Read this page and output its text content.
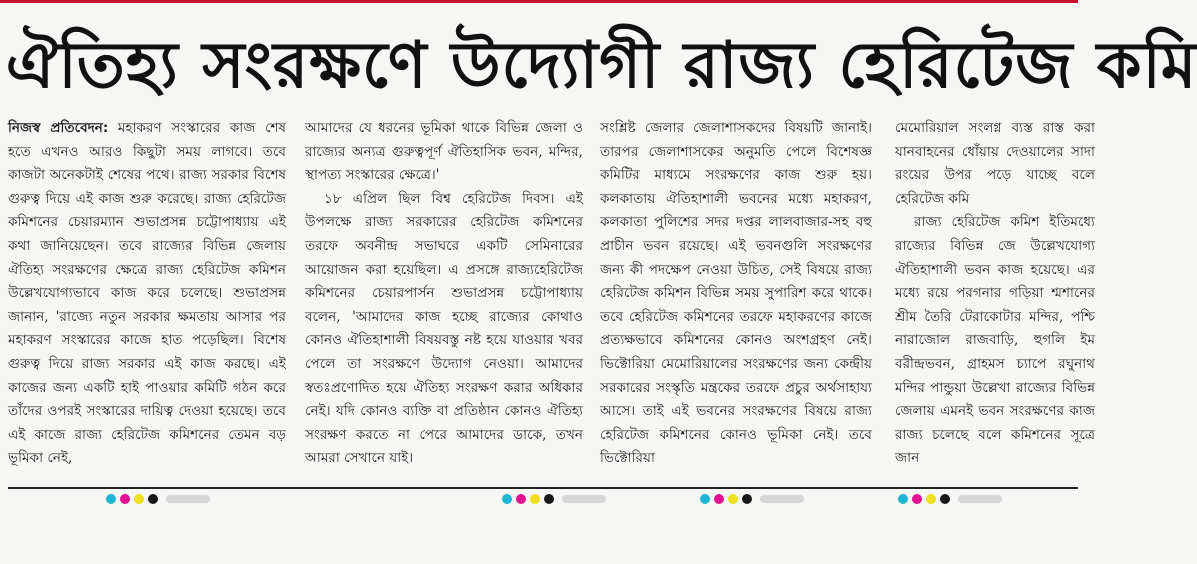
ঐতিহ্য সংরক্ষণে উদ্যোগী রাজ্য হেরিটেজ কমি

নিজস্ব প্রতিবেদন: মহাকরণ সংস্কারের কাজ শেষ হতে এখনও আরও কিছুটা সময় লাগবে। তবে কাজটা অনেকটাই শেষের পথে। রাজ্য সরকার বিশেষ গুরুত্ব দিয়ে এই কাজ শুরু করেছে। রাজ্য হেরিটেজ কমিশনের চেয়ারম্যান শুভাপ্রসন্ন চট্টোপাধ্যায় এই কথা জানিয়েছেন। তবে রাজ্যের বিভিন্ন জেলায় ঐতিহ্য সংরক্ষণের ক্ষেত্রে রাজ্য হেরিটেজ কমিশন উল্লেখযোগ্যভাবে কাজ করে চলেছে। শুভাপ্রসন্ন জানান, 'রাজ্যে নতুন সরকার ক্ষমতায় আসার পর মহাকরণ সংস্কারের কাজে হাত পড়েছিল। বিশেষ গুরুত্ব দিয়ে রাজ্য সরকার এই কাজ করছে। এই কাজের জন্য একটি হাই পাওয়ার কমিটি গঠন করে তাঁদের ওপরই সংস্কারের দায়িত্ব দেওয়া হয়েছে। তবে এই কাজে রাজ্য হেরিটেজ কমিশনের তেমন বড় ভূমিকা নেই,

আমাদের যে ধরনের ভূমিকা থাকে বিভিন্ন জেলা ও রাজ্যের অন্যত্র গুরুত্বপূর্ণ ঐতিহাসিক ভবন, মন্দির, স্থাপত্য সংস্কারের ক্ষেত্রে।'

১৮ এপ্রিল ছিল বিশ্ব হেরিটেজ দিবস। এই উপলক্ষে রাজ্য সরকারের হেরিটেজ কমিশনের তরফে অবনীন্দ্র সভাঘরে একটি সেমিনারের আয়োজন করা হয়েছিল। এ প্রসঙ্গে রাজ্যহেরিটেজ কমিশনের চেয়ারপার্সন শুভাপ্রসন্ন চট্টোপাধ্যায় বলেন, 'আমাদের কাজ হচ্ছে রাজ্যের কোথাও কোনও ঐতিহাশালী বিষয়বস্তু নষ্ট হয়ে যাওয়ার খবর পেলে তা সংরক্ষণে উদ্যোগ নেওয়া। আমাদের স্বতঃপ্রণোদিত হয়ে ঐতিহ্য সংরক্ষণ করার অধিকার নেই। যদি কোনও ব্যক্তি বা প্রতিষ্ঠান কোনও ঐতিহ্য সংরক্ষণ করতে না পেরে আমাদের ডাকে, তখন আমরা সেখানে যাই।

সংশ্লিষ্ট জেলার জেলাশাসকদের বিষয়টি জানাই। তারপর জেলাশাসকের অনুমতি পেলে বিশেষজ্ঞ কমিটির মাধ্যমে সংরক্ষণের কাজ শুরু হয়। কলকাতায় ঐতিহাশালী ভবনের মধ্যে মহাকরণ, কলকাতা পুলিশের সদর দপ্তর লালবাজার-সহ বহু প্রাচীন ভবন রয়েছে। এই ভবনগুলি সংরক্ষণের জন্য কী পদক্ষেপ নেওয়া উচিত, সেই বিষয়ে রাজ্য হেরিটেজ কমিশন বিভিন্ন সময় সুপারিশ করে থাকে। তবে হেরিটেজ কমিশনের তরফে মহাকরণের কাজে প্রত্যক্ষভাবে কমিশনের কোনও অংশগ্রহণ নেই। ভিক্টোরিয়া মেমোরিয়ালের সংরক্ষণের জন্য কেন্দ্রীয় সরকারের সংস্কৃতি মন্ত্রকের তরফে প্রচুর অর্থসাহায্য আসে। তাই এই ভবনের সংরক্ষণের বিষয়ে রাজ্য হেরিটেজ কমিশনের কোনও ভূমিকা নেই। তবে ভিক্টোরিয়া

মেমোরিয়াল সংলগ্ন ব্যস্ত রাস্ত করা যানবাহনের ধোঁয়ায় দেওয়ালের সাদা রংয়ের উপর পড়ে যাচ্ছে বলে হেরিটেজ কমি

রাজ্য হেরিটেজ কমিশ ইতিমধ্যে রাজ্যের বিভিন্ন জে উল্লেখযোগ্য ঐতিহাশালী ভবন কাজ হয়েছে। এর মধ্যে রয়ে পরগনার গড়িয়া শ্মশানের শ্রীম তৈরি টেরাকোটার মন্দির, পশ্চি নারাজোল রাজবাড়ি, হুগলি ইম বরীন্দ্রভবন, গ্রাহমস চ্যাপে রঘুনাথ মন্দির পান্ডুয়া উল্লেখা রাজ্যের বিভিন্ন জেলায় এমনই ভবন সংরক্ষণের কাজ রাজ্য চলেছে বলে কমিশনের সূত্রে জান
